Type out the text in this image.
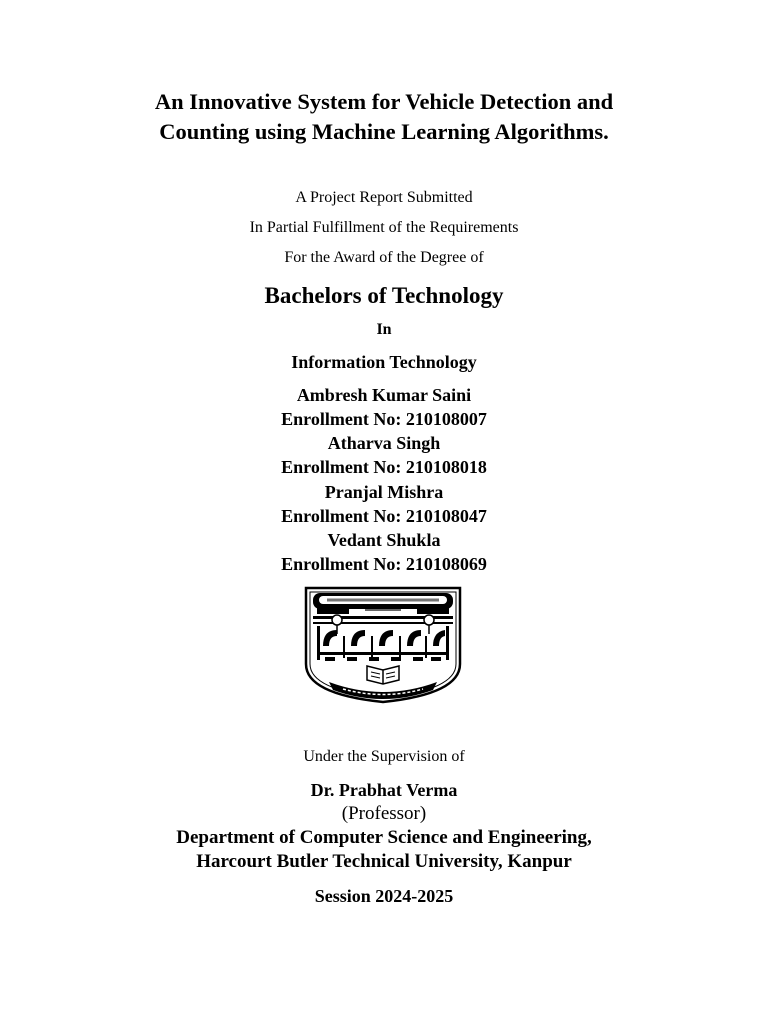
An Innovative System for Vehicle Detection and
Counting using Machine Learning Algorithms.
A Project Report Submitted
In Partial Fulfillment of the Requirements
For the Award of the Degree of
Bachelors of Technology
In
Information Technology
Ambresh Kumar Saini
Enrollment No: 210108007
Atharva Singh
Enrollment No: 210108018
Pranjal Mishra
Enrollment No: 210108047
Vedant Shukla
Enrollment No: 210108069
Under the Supervision of
Dr. Prabhat Verma
(Professor)
Department of Computer Science and Engineering,
Harcourt Butler Technical University, Kanpur
Session 2024-2025
